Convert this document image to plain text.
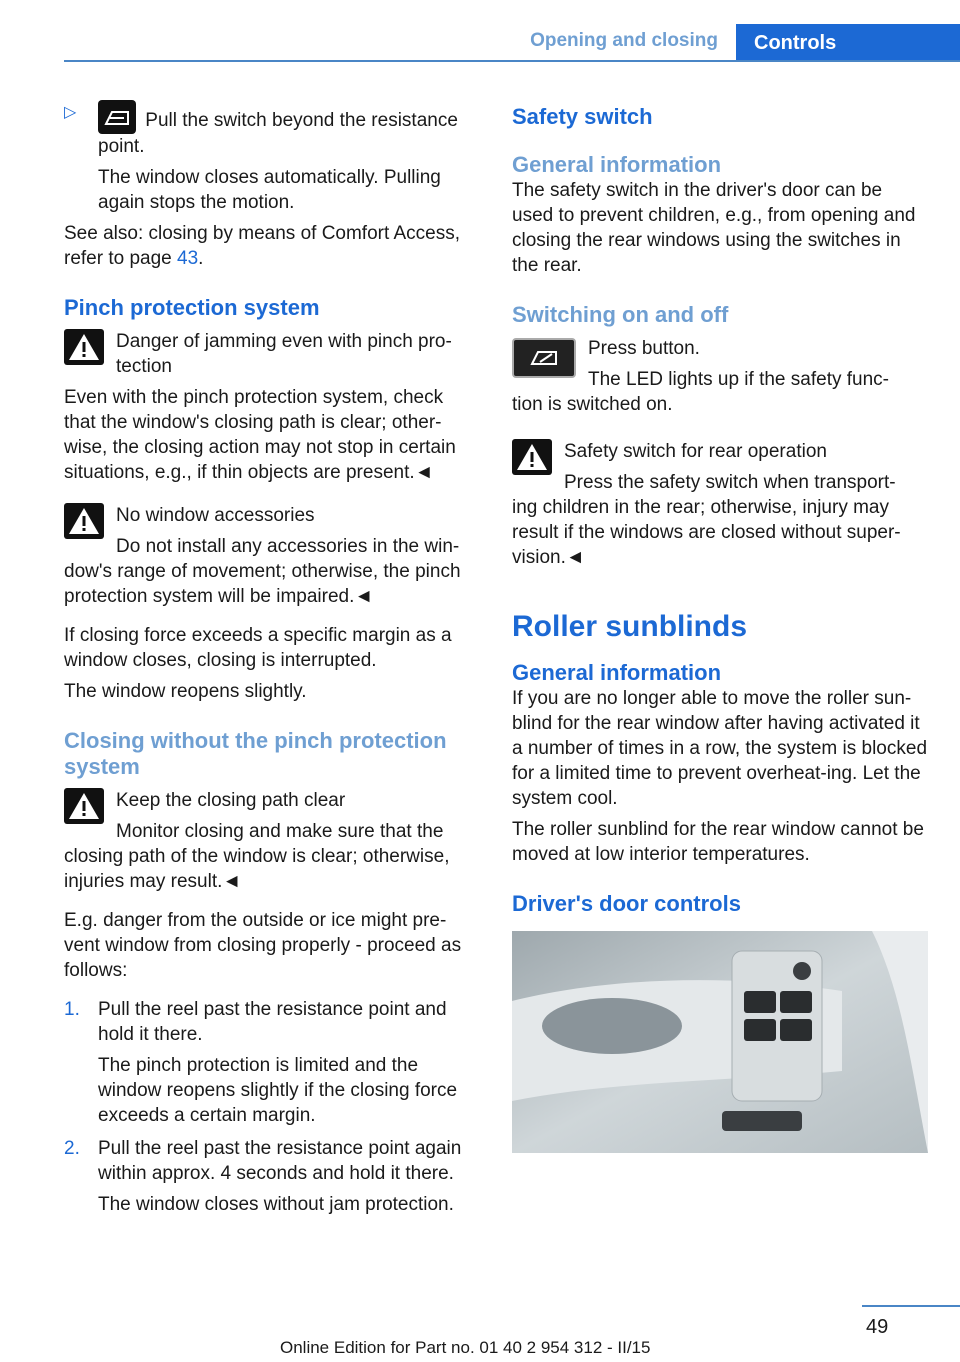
Opening and closing	Controls
▷	Pull the switch beyond the resistance point.

The window closes automatically. Pulling again stops the motion.

See also: closing by means of Comfort Access, refer to page 43.

Pinch protection system

Danger of jamming even with pinch pro-tection

Even with the pinch protection system, check that the window's closing path is clear; other-wise, the closing action may not stop in certain situations, e.g., if thin objects are present.◄

No window accessories

Do not install any accessories in the win-

dow's range of movement; otherwise, the pinch protection system will be impaired.◄

If closing force exceeds a specific margin as a window closes, closing is interrupted.

The window reopens slightly.

Closing without the pinch protection system

Keep the closing path clear

Monitor closing and make sure that the

closing path of the window is clear; otherwise, injuries may result.◄

E.g. danger from the outside or ice might pre-vent window from closing properly - proceed as follows:

1. Pull the reel past the resistance point and hold it there.

The pinch protection is limited and the window reopens slightly if the closing force exceeds a certain margin.

2. Pull the reel past the resistance point again within approx. 4 seconds and hold it there.

The window closes without jam protection.

Safety switch

General information

The safety switch in the driver's door can be used to prevent children, e.g., from opening and closing the rear windows using the switches in the rear.

Switching on and off

Press button.

The LED lights up if the safety func-

tion is switched on.

Safety switch for rear operation

Press the safety switch when transport-

ing children in the rear; otherwise, injury may result if the windows are closed without super-vision.◄

Roller sunblinds

General information

If you are no longer able to move the roller sun-blind for the rear window after having activated it a number of times in a row, the system is blocked for a limited time to prevent overheat-ing. Let the system cool.

The roller sunblind for the rear window cannot be moved at low interior temperatures.

Driver's door controls

49
Online Edition for Part no. 01 40 2 954 312 - II/15
